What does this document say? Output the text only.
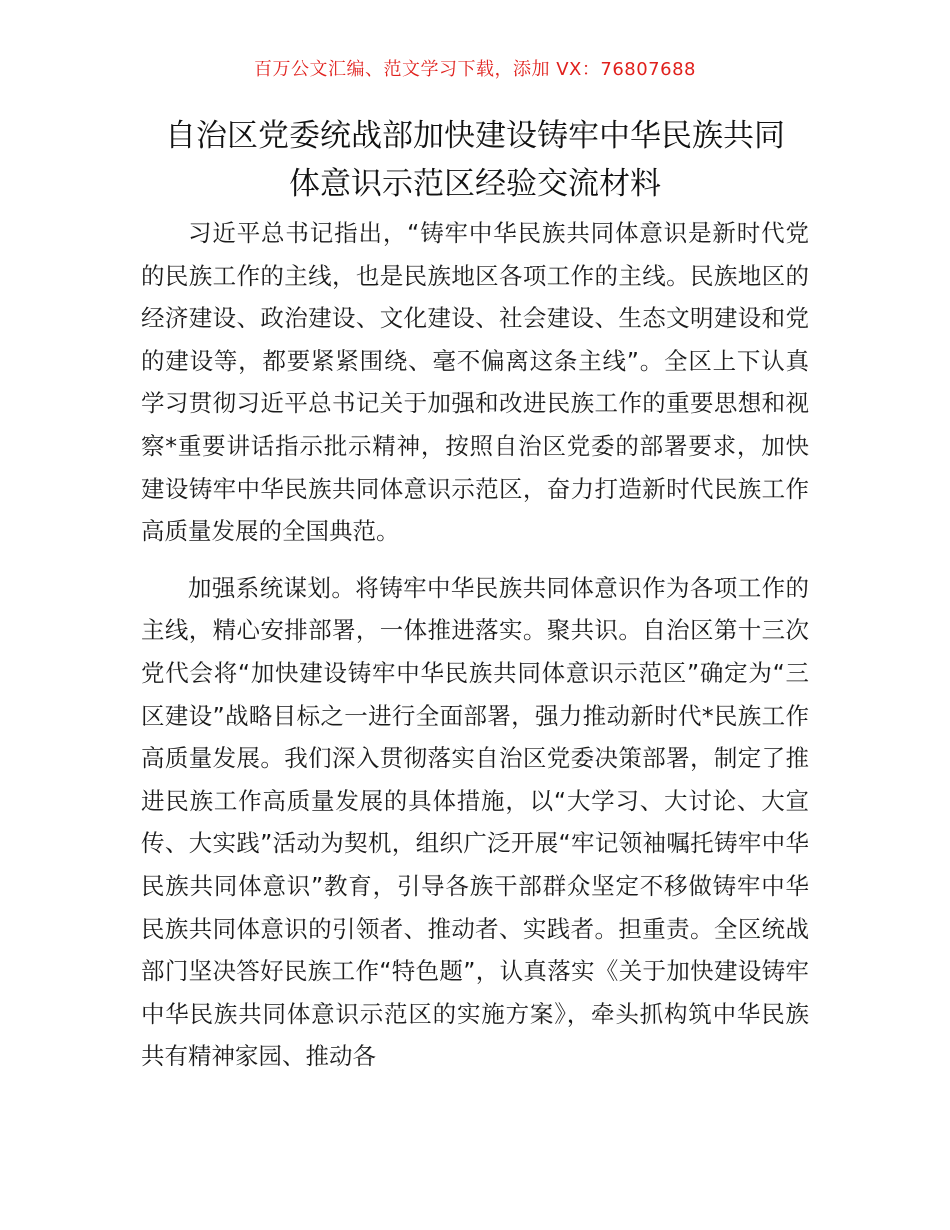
百万公文汇编、范文学习下载，添加 VX：76807688
自治区党委统战部加快建设铸牢中华民族共同
体意识示范区经验交流材料

习近平总书记指出，“铸牢中华民族共同体意识是新时代党的民族工作的主线，也是民族地区各项工作的主线。民族地区的经济建设、政治建设、文化建设、社会建设、生态文明建设和党的建设等，都要紧紧围绕、毫不偏离这条主线”。全区上下认真学习贯彻习近平总书记关于加强和改进民族工作的重要思想和视察*重要讲话指示批示精神，按照自治区党委的部署要求，加快建设铸牢中华民族共同体意识示范区，奋力打造新时代民族工作高质量发展的全国典范。

加强系统谋划。将铸牢中华民族共同体意识作为各项工作的主线，精心安排部署，一体推进落实。聚共识。自治区第十三次党代会将“加快建设铸牢中华民族共同体意识示范区”确定为“三区建设”战略目标之一进行全面部署，强力推动新时代*民族工作高质量发展。我们深入贯彻落实自治区党委决策部署，制定了推进民族工作高质量发展的具体措施，以“大学习、大讨论、大宣传、大实践”活动为契机，组织广泛开展“牢记领袖嘱托铸牢中华民族共同体意识”教育，引导各族干部群众坚定不移做铸牢中华民族共同体意识的引领者、推动者、实践者。担重责。全区统战部门坚决答好民族工作“特色题”，认真落实《关于加快建设铸牢中华民族共同体意识示范区的实施方案》，牵头抓构筑中华民族共有精神家园、推动各
